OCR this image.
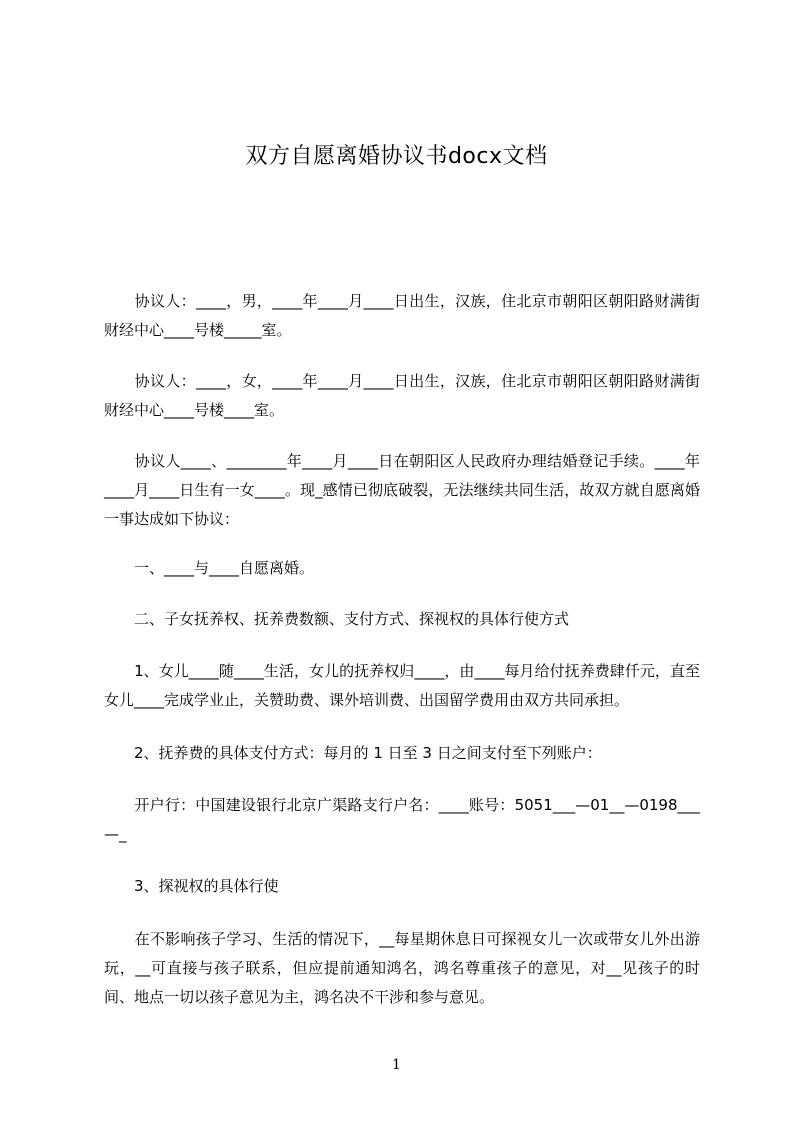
双方自愿离婚协议书docx文档
　　协议人：____，男，____年____月____日出生，汉族，住北京市朝阳区朝阳路财满街财经中心____号楼_____室。
　　协议人：____，女，____年____月____日出生，汉族，住北京市朝阳区朝阳路财满街财经中心____号楼____室。
　　协议人____、________年____月____日在朝阳区人民政府办理结婚登记手续。____年____月____日生有一女____。现_感情已彻底破裂，无法继续共同生活，故双方就自愿离婚一事达成如下协议：
　　一、____与____自愿离婚。
　　二、子女抚养权、抚养费数额、支付方式、探视权的具体行使方式
　　1、女儿____随____生活，女儿的抚养权归____，由____每月给付抚养费肆仟元，直至女儿____完成学业止，关赞助费、课外培训费、出国留学费用由双方共同承担。
　　2、抚养费的具体支付方式：每月的 1 日至 3 日之间支付至下列账户：
　　开户行：中国建设银行北京广渠路支行户名：____账号：5051___—01__—0198___—_
　　3、探视权的具体行使
　　在不影响孩子学习、生活的情况下，__每星期休息日可探视女儿一次或带女儿外出游玩，__可直接与孩子联系，但应提前通知鸿名，鸿名尊重孩子的意见，对__见孩子的时间、地点一切以孩子意见为主，鸿名决不干涉和参与意见。
1
